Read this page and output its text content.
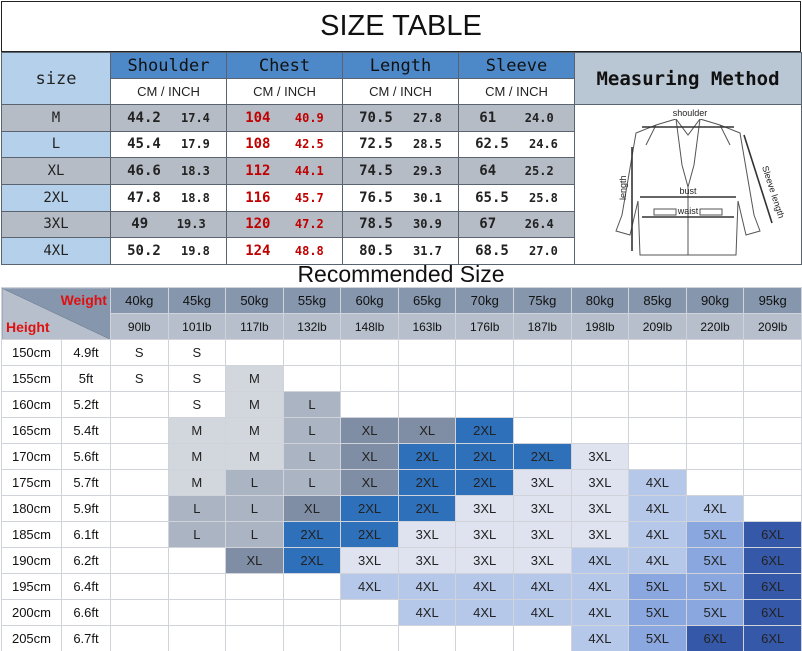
SIZE TABLE
size	Shoulder	Chest	Length	Sleeve	Measuring Method
	CM / INCH	CM / INCH	CM / INCH	CM / INCH	
M	44.2 17.4	104 40.9	70.5 27.8	61 24.0	shoulder
length Sleeve length
bust
waist

L	45.4 17.9	108 42.5	72.5 28.5	62.5 24.6	

XL	46.6 18.3	112 44.1	74.5 29.3	64 25.2	

2XL	47.8 18.8	116 45.7	76.5 30.1	65.5 25.8	

3XL	49 19.3	120 47.2	78.5 30.9	67 26.4	

4XL	50.2 19.8	124 48.8	80.5 31.7	68.5 27.0	
Recommended Size
Weight
Height		40kg	45kg	50kg	55kg	60kg	65kg	70kg	75kg	80kg	85kg	90kg	95kg
		90lb	101lb	117lb	132lb	148lb	163lb	176lb	187lb	198lb	209lb	220lb	209lb
150cm	4.9ft	S	S										
155cm	5ft	S	S	M									
160cm	5.2ft		S	M	L								
165cm	5.4ft		M	M	L	XL	XL	2XL					
170cm	5.6ft		M	M	L	XL	2XL	2XL	2XL	3XL			
175cm	5.7ft		M	L	L	XL	2XL	2XL	3XL	3XL	4XL		
180cm	5.9ft		L	L	XL	2XL	2XL	3XL	3XL	3XL	4XL	4XL	
185cm	6.1ft		L	L	2XL	2XL	3XL	3XL	3XL	3XL	4XL	5XL	6XL
190cm	6.2ft			XL	2XL	3XL	3XL	3XL	3XL	4XL	4XL	5XL	6XL
195cm	6.4ft					4XL	4XL	4XL	4XL	4XL	5XL	5XL	6XL
200cm	6.6ft						4XL	4XL	4XL	4XL	5XL	5XL	6XL
205cm	6.7ft									4XL	5XL	6XL	6XL
